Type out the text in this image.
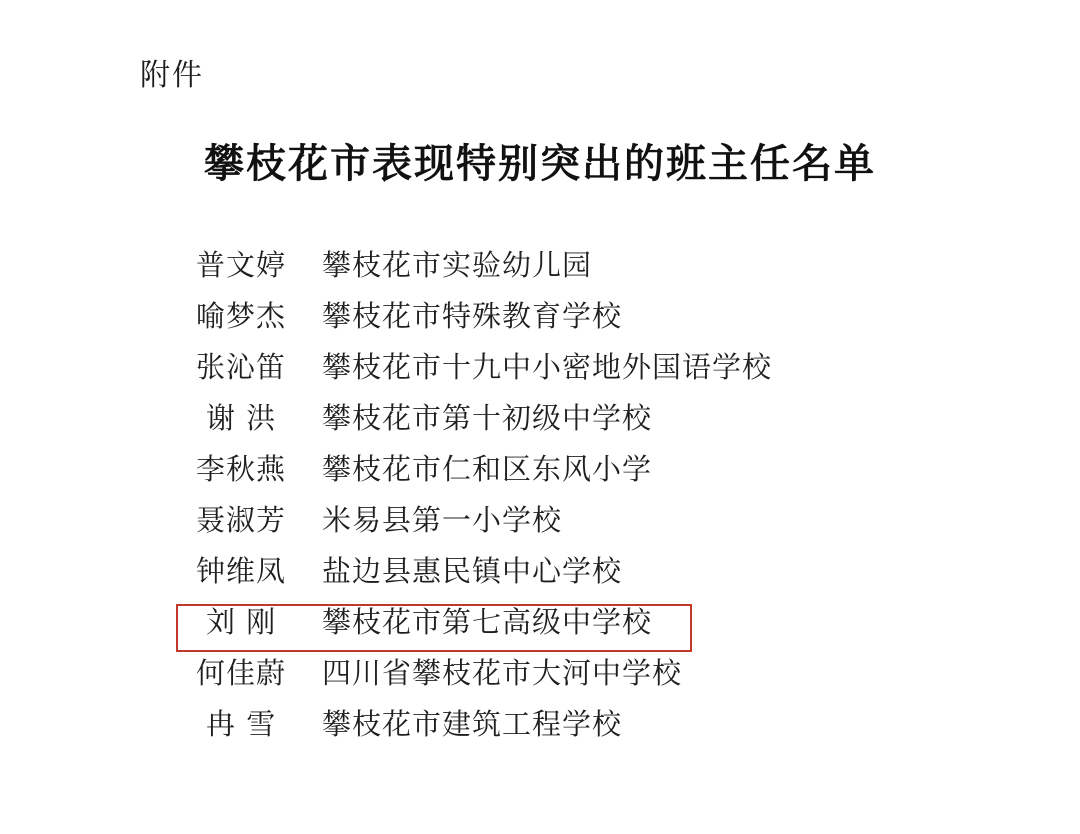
附件
攀枝花市表现特别突出的班主任名单
普文婷	攀枝花市实验幼儿园
喻梦杰	攀枝花市特殊教育学校
张沁笛	攀枝花市十九中小密地外国语学校
谢 洪	攀枝花市第十初级中学校
李秋燕	攀枝花市仁和区东风小学
聂淑芳	米易县第一小学校
钟维凤	盐边县惠民镇中心学校
刘 刚	攀枝花市第七高级中学校
何佳蔚	四川省攀枝花市大河中学校
冉 雪	攀枝花市建筑工程学校
